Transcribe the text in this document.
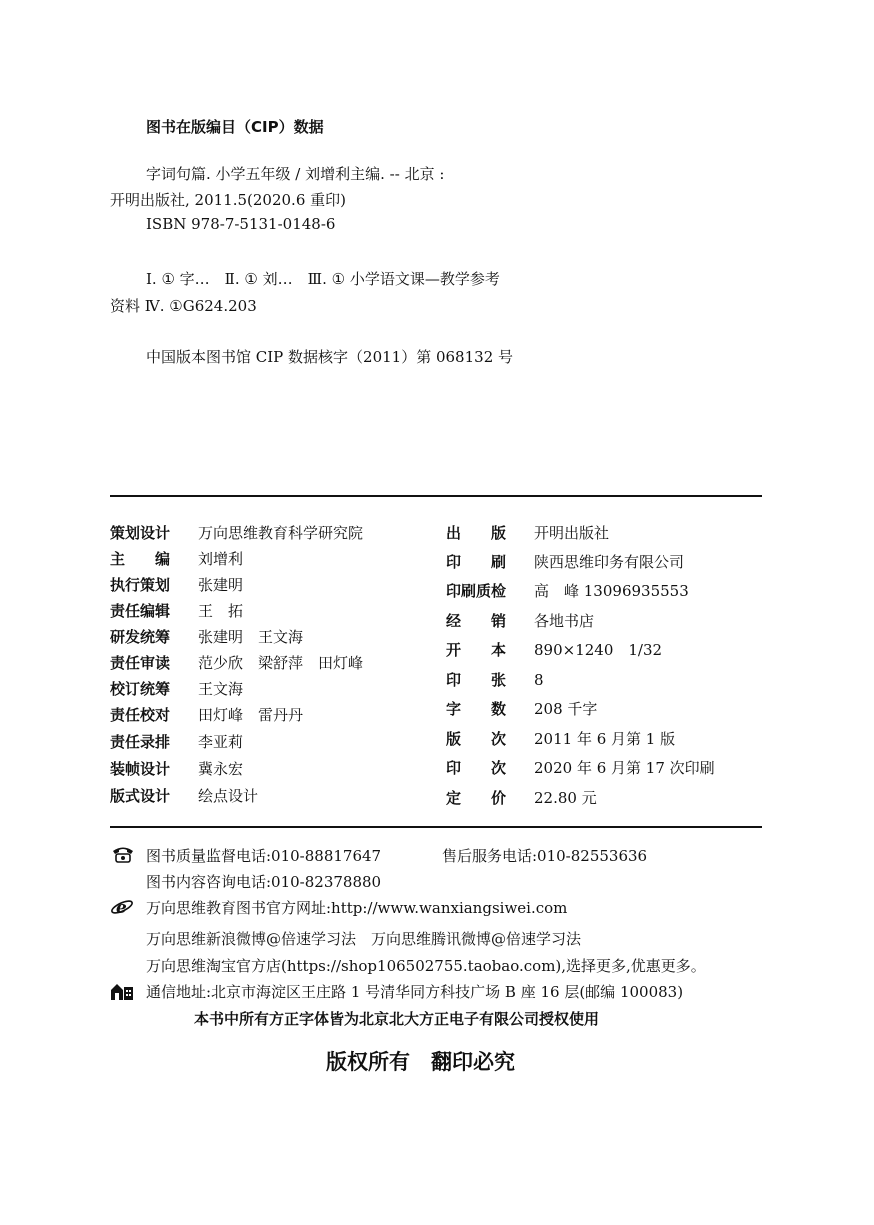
图书在版编目（CIP）数据
字词句篇. 小学五年级 / 刘增利主编. -- 北京 :
开明出版社, 2011.5(2020.6 重印)
ISBN 978-7-5131-0148-6
Ⅰ. ① 字…　Ⅱ. ① 刘…　Ⅲ. ① 小学语文课—教学参考
资料 Ⅳ. ①G624.203
中国版本图书馆 CIP 数据核字（2011）第 068132 号
策划设计 万向思维教育科学研究院
主　　编 刘增利
执行策划 张建明
责任编辑 王　拓
研发统筹 张建明　王文海
责任审读 范少欣　梁舒萍　田灯峰
校订统筹 王文海
责任校对 田灯峰　雷丹丹
责任录排 李亚莉
装帧设计 冀永宏
版式设计 绘点设计
出　　版 开明出版社
印　　刷 陕西思维印务有限公司
印刷质检 高　峰 13096935553
经　　销 各地书店
开　　本 890×1240　1/32
印　　张 8
字　　数 208 千字
版　　次 2011 年 6 月第 1 版
印　　次 2020 年 6 月第 17 次印刷
定　　价 22.80 元
图书质量监督电话:010-88817647	售后服务电话:010-82553636
图书内容咨询电话:010-82378880
e 万向思维教育图书官方网址:http://www.wanxiangsiwei.com
万向思维新浪微博@倍速学习法　万向思维腾讯微博@倍速学习法
万向思维淘宝官方店(https://shop106502755.taobao.com),选择更多,优惠更多。
通信地址:北京市海淀区王庄路 1 号清华同方科技广场 B 座 16 层(邮编 100083)
本书中所有方正字体皆为北京北大方正电子有限公司授权使用
版权所有　翻印必究
